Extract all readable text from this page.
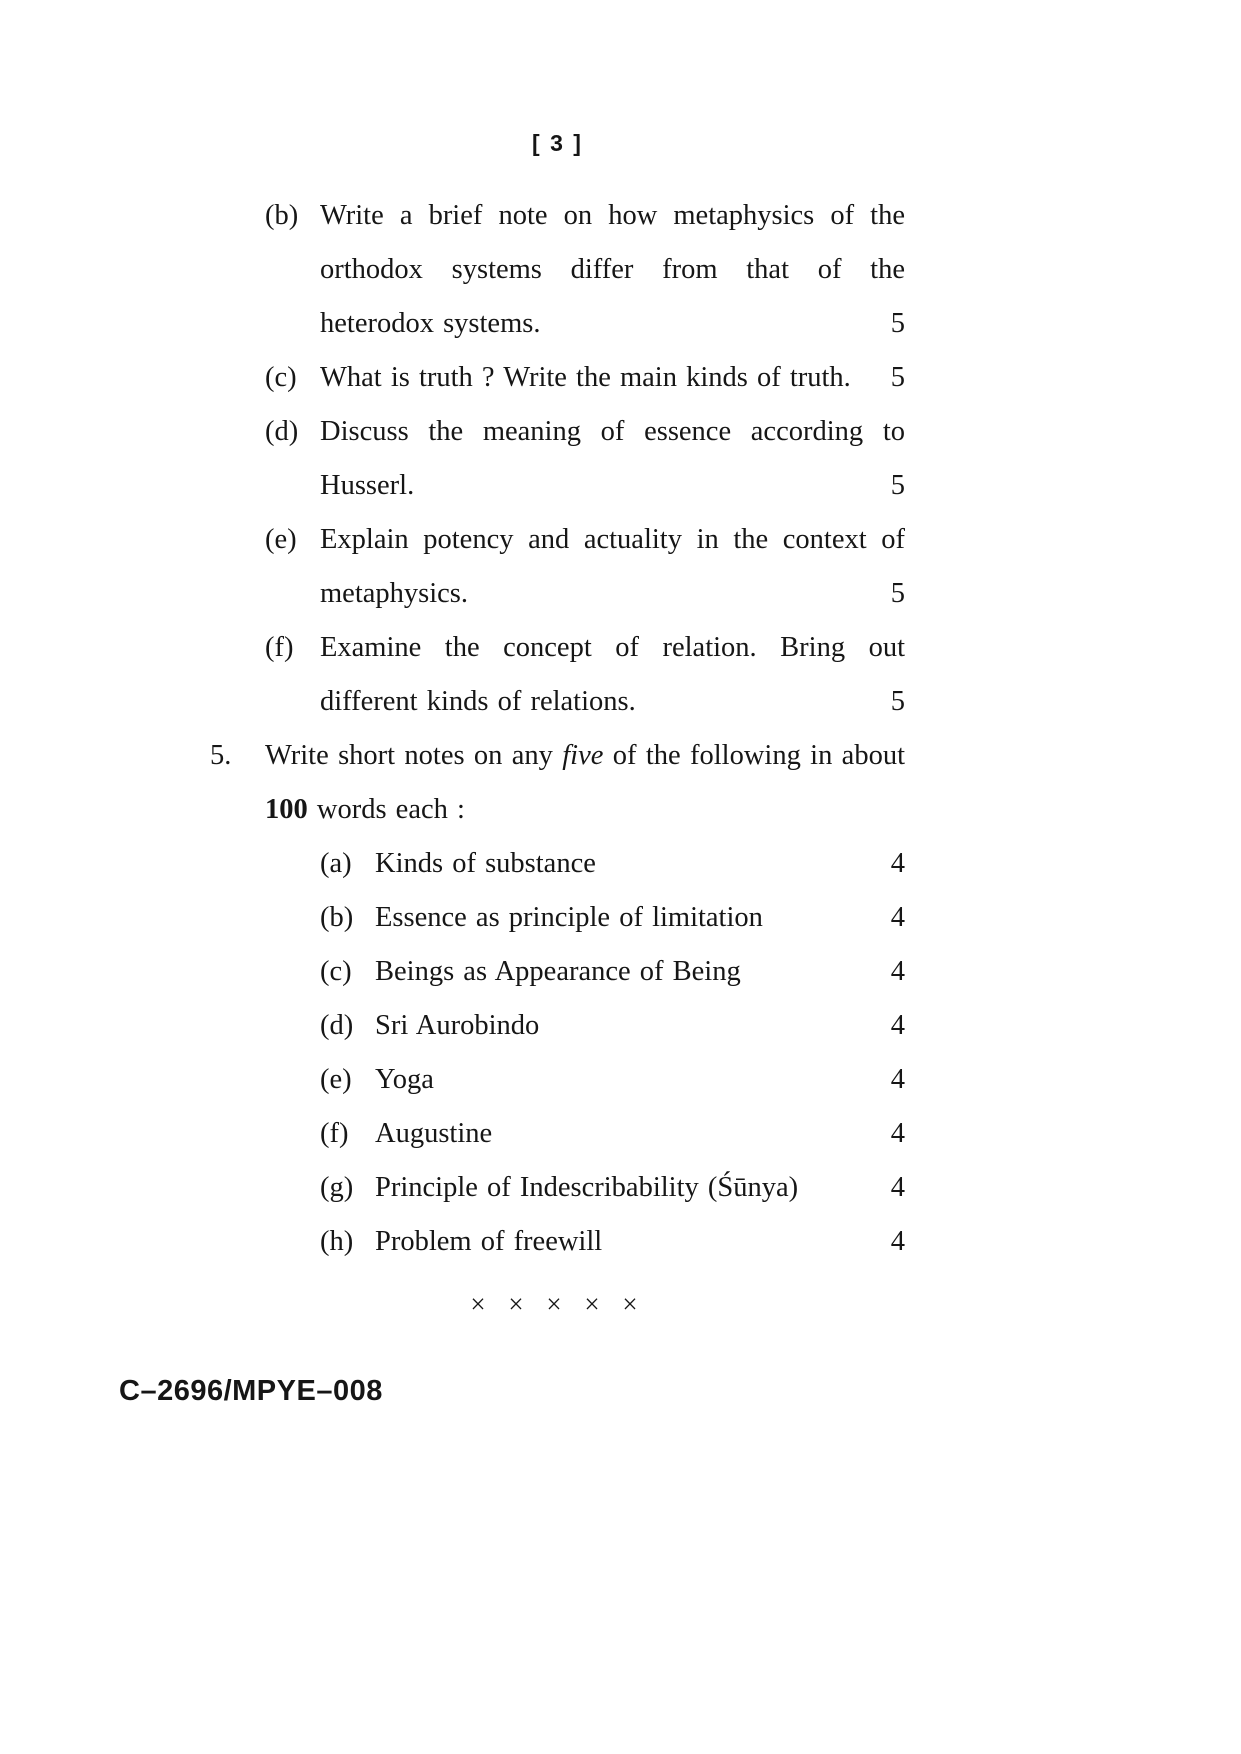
[ 3 ]
(b) Write a brief note on how metaphysics of the orthodox systems differ from that of the heterodox systems.	5
(c) What is truth ? Write the main kinds of truth. 5
(d) Discuss the meaning of essence according to Husserl.	5
(e) Explain potency and actuality in the context of metaphysics.	5
(f) Examine the concept of relation. Bring out different kinds of relations.	5
5.	Write short notes on any five of the following in about 100 words each :
(a) Kinds of substance	4
(b) Essence as principle of limitation	4
(c) Beings as Appearance of Being	4
(d) Sri Aurobindo	4
(e) Yoga	4
(f) Augustine	4
(g) Principle of Indescribability (Śūnya)	4
(h) Problem of freewill	4
× × × × ×
C–2696/MPYE–008
